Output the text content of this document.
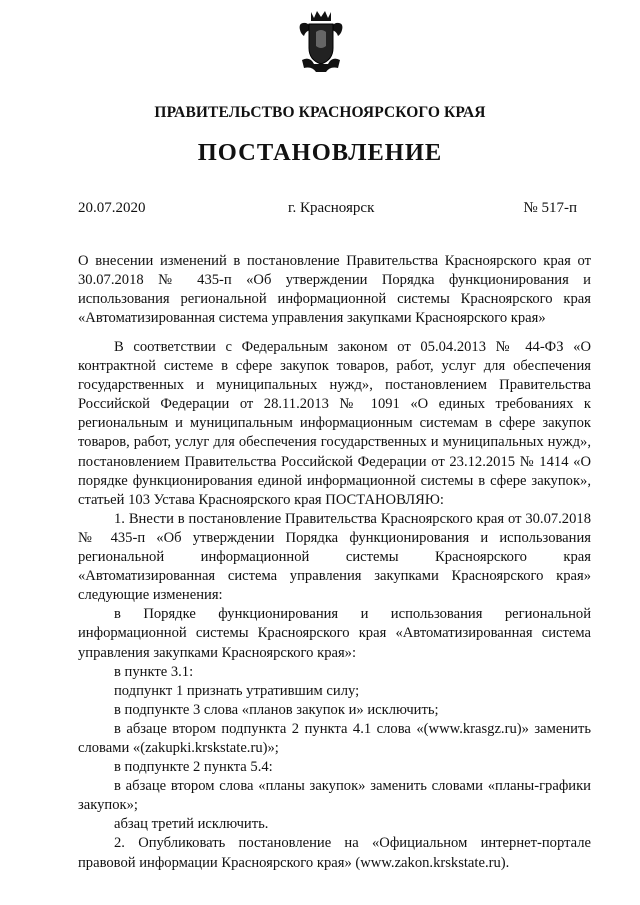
ПРАВИТЕЛЬСТВО КРАСНОЯРСКОГО КРАЯ
ПОСТАНОВЛЕНИЕ
20.07.2020	г. Красноярск	№ 517-п

О внесении изменений в постановление Правительства Красноярского края от 30.07.2018 № 435-п «Об утверждении Порядка функционирования и использования региональной информационной системы Красноярского края «Автоматизированная система управления закупками Красноярского края»

В соответствии с Федеральным законом от 05.04.2013 № 44-ФЗ «О контрактной системе в сфере закупок товаров, работ, услуг для обеспечения государственных и муниципальных нужд», постановлением Правительства Российской Федерации от 28.11.2013 № 1091 «О единых требованиях к региональным и муниципальным информационным системам в сфере закупок товаров, работ, услуг для обеспечения государственных и муниципальных нужд», постановлением Правительства Российской Федерации от 23.12.2015 № 1414 «О порядке функционирования единой информационной системы в сфере закупок», статьей 103 Устава Красноярского края ПОСТАНОВЛЯЮ:

1. Внести в постановление Правительства Красноярского края от 30.07.2018 № 435-п «Об утверждении Порядка функционирования и использования региональной информационной системы Красноярского края «Автоматизированная система управления закупками Красноярского края» следующие изменения:

в Порядке функционирования и использования региональной информационной системы Красноярского края «Автоматизированная система управления закупками Красноярского края»:

в пункте 3.1:

подпункт 1 признать утратившим силу;

в подпункте 3 слова «планов закупок и» исключить;

в абзаце втором подпункта 2 пункта 4.1 слова «(www.krasgz.ru)» заменить словами «(zakupki.krskstate.ru)»;

в подпункте 2 пункта 5.4:

в абзаце втором слова «планы закупок» заменить словами «планы-графики закупок»;

абзац третий исключить.

2. Опубликовать постановление на «Официальном интернет-портале правовой информации Красноярского края» (www.zakon.krskstate.ru).
